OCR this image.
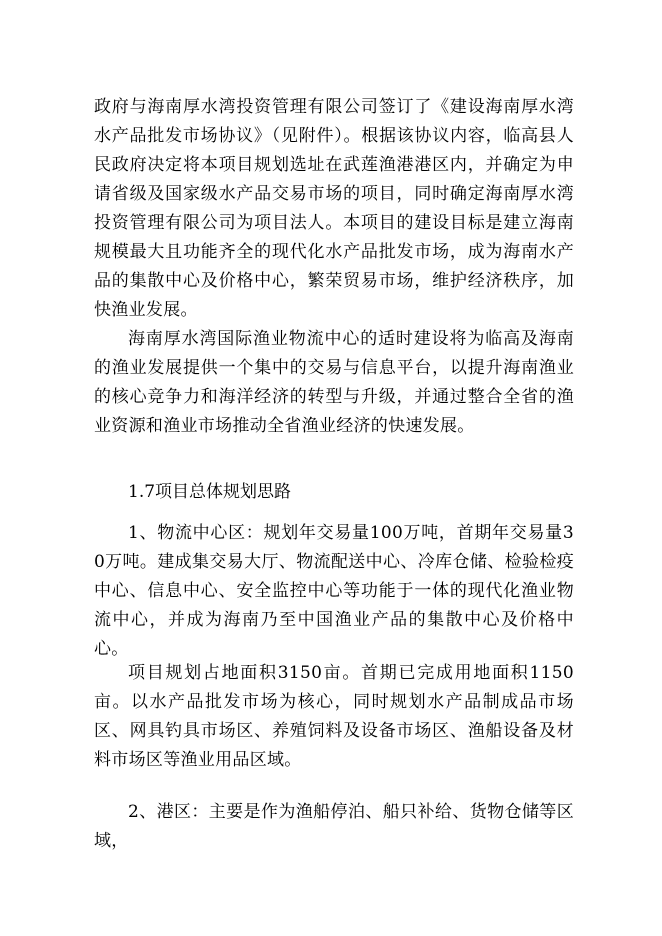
政府与海南厚水湾投资管理有限公司签订了《建设海南厚水湾水产品批发市场协议》（见附件）。根据该协议内容，临高县人民政府决定将本项目规划选址在武莲渔港港区内，并确定为申请省级及国家级水产品交易市场的项目，同时确定海南厚水湾投资管理有限公司为项目法人。本项目的建设目标是建立海南规模最大且功能齐全的现代化水产品批发市场，成为海南水产品的集散中心及价格中心，繁荣贸易市场，维护经济秩序，加快渔业发展。

海南厚水湾国际渔业物流中心的适时建设将为临高及海南的渔业发展提供一个集中的交易与信息平台，以提升海南渔业的核心竞争力和海洋经济的转型与升级，并通过整合全省的渔业资源和渔业市场推动全省渔业经济的快速发展。

1.7项目总体规划思路

1、物流中心区：规划年交易量100万吨，首期年交易量30万吨。建成集交易大厅、物流配送中心、冷库仓储、检验检疫中心、信息中心、安全监控中心等功能于一体的现代化渔业物流中心，并成为海南乃至中国渔业产品的集散中心及价格中心。

项目规划占地面积3150亩。首期已完成用地面积1150亩。以水产品批发市场为核心，同时规划水产品制成品市场区、网具钓具市场区、养殖饲料及设备市场区、渔船设备及材料市场区等渔业用品区域。

2、港区：主要是作为渔船停泊、船只补给、货物仓储等区域，
